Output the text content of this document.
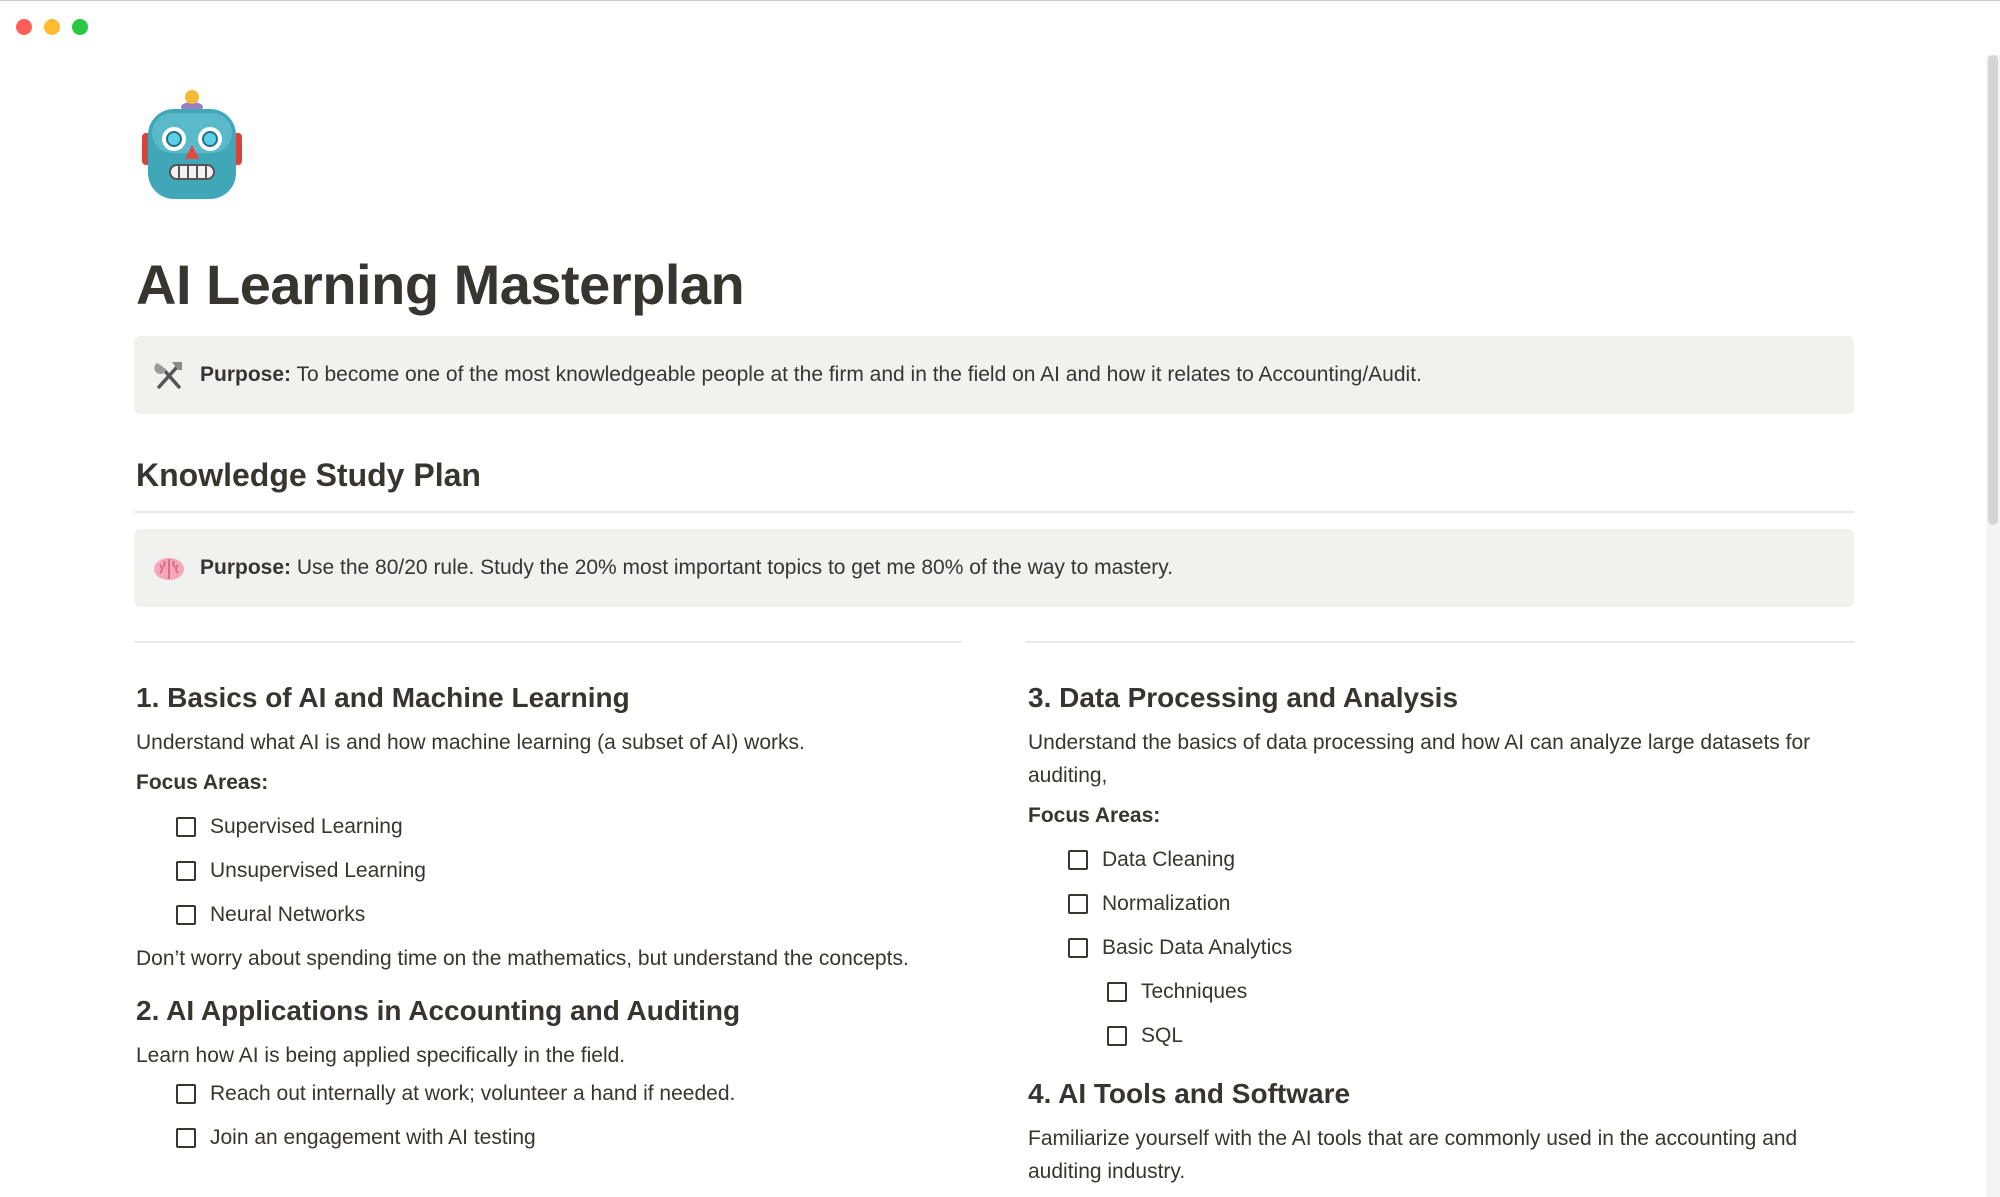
AI Learning Masterplan
Purpose: To become one of the most knowledgeable people at the firm and in the field on AI and how it relates to Accounting/Audit.
Knowledge Study Plan
Purpose: Use the 80/20 rule. Study the 20% most important topics to get me 80% of the way to mastery.
1. Basics of AI and Machine Learning

Understand what AI is and how machine learning (a subset of AI) works.

Focus Areas:
Supervised Learning
Unsupervised Learning
Neural Networks

Don’t worry about spending time on the mathematics, but understand the concepts.

2. AI Applications in Accounting and Auditing

Learn how AI is being applied specifically in the field.

Reach out internally at work; volunteer a hand if needed.
Join an engagement with AI testing
3. Data Processing and Analysis

Understand the basics of data processing and how AI can analyze large datasets for auditing,

Focus Areas:
Data Cleaning
Normalization
Basic Data Analytics
Techniques
SQL
4. AI Tools and Software

Familiarize yourself with the AI tools that are commonly used in the accounting and auditing industry.
